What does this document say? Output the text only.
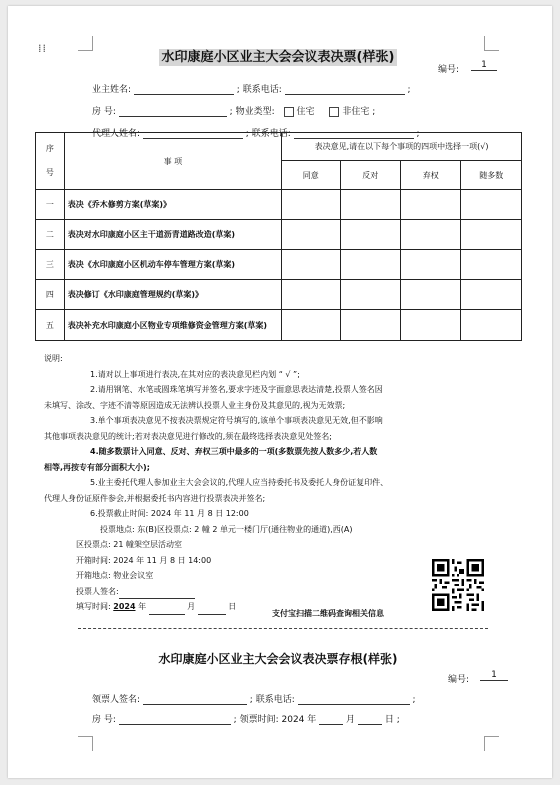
⁞⁞
水印康庭小区业主大会会议表决票(样张)
编号:	1
业主姓名:	; 联系电话:	;
房 号:	; 物业类型: 住宅	非住宅 ;
代理人姓名:	; 联系电话:	;
序
号	事 项	表决意见,请在以下每个事项的四项中选择一项(√)			
		同意	反对	弃权	随多数
一	表决《乔木修剪方案(草案)》				
二	表决对水印康庭小区主干道沥青道路改造(草案)				
三	表决《水印康庭小区机动车停车管理方案(草案)				
四	表决修订《水印康庭管理规约(草案)》				
五	表决补充水印康庭小区物业专项维修资金管理方案(草案)				

说明:

1.请对以上事项进行表决,在其对应的表决意见栏内划 “ √ ”;

2.请用钢笔、水笔或圆珠笔填写并签名,要求字迹及字面意思表达清楚,投票人签名因

未填写、涂改、字迹不清等原因造成无法辨认投票人业主身份及其意见的,视为无效票;

3.单个事项表决意见不按表决票规定符号填写的,该单个事项表决意见无效,但不影响

其他事项表决意见的统计;若对表决意见进行修改的,须在最终选择表决意见处签名;

4.随多数票计入同意、反对、弃权三项中最多的一项(多数票先按人数多少,若人数

相等,再按专有部分面积大小);

5.业主委托代理人参加业主大会会议的,代理人应当持委托书及委托人身份证复印件、

代理人身份证原件参会,并根据委托书内容进行投票表决并签名;

6.投票截止时间: 2024 年 11 月 8 日 12:00

投票地点: 东(B)区投票点: 2 幢 2 单元一楼门厅(通往物业的通道),西(A)

区投票点: 21 幢架空层活动室

开箱时间: 2024 年 11 月 8 日 14:00

开箱地点: 物业会议室

投票人签名:

填写时间: 2024 年	月	日

支付宝扫描二维码查询相关信息
水印康庭小区业主大会会议表决票存根(样张)
编号:	1
领票人签名:	; 联系电话:	;
房 号:	; 领票时间: 2024 年	月	日 ;
